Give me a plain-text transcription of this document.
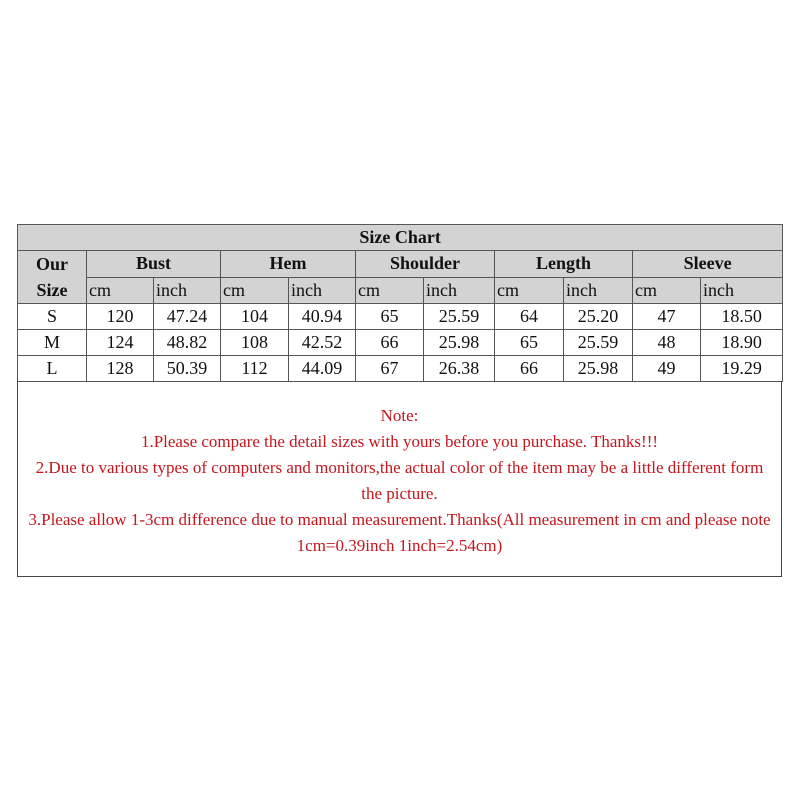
Size Chart										
Our
Size	Bust		Hem		Shoulder		Length		Sleeve	
	cm	inch	cm	inch	cm	inch	cm	inch	cm	inch
S	120	47.24	104	40.94	65	25.59	64	25.20	47	18.50
M	124	48.82	108	42.52	66	25.98	65	25.59	48	18.90
L	128	50.39	112	44.09	67	26.38	66	25.98	49	19.29

Note:

1.Please compare the detail sizes with yours before you purchase. Thanks!!!

2.Due to various types of computers and monitors,the actual color of the item may be a little different form the picture.

3.Please allow 1-3cm difference due to manual measurement.Thanks(All measurement in cm and please note 1cm=0.39inch 1inch=2.54cm)
